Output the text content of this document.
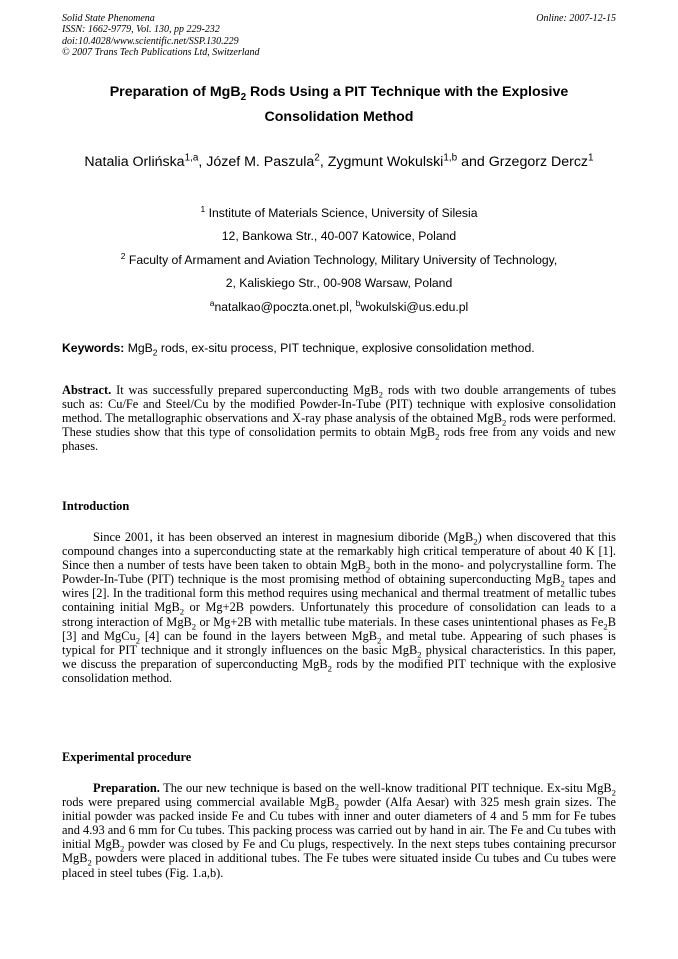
Solid State Phenomena
ISSN: 1662-9779, Vol. 130, pp 229-232
doi:10.4028/www.scientific.net/SSP.130.229
© 2007 Trans Tech Publications Ltd, Switzerland
Online: 2007-12-15
Preparation of MgB$_2$ Rods Using a PIT Technique with the Explosive Consolidation Method
Natalia Orlińska$^{1,a}$, Józef M. Paszula$^2$, Zygmunt Wokulski$^{1,b}$ and Grzegorz Dercz$^1$
$^1$ Institute of Materials Science, University of Silesia
12, Bankowa Str., 40-007 Katowice, Poland
$^2$ Faculty of Armament and Aviation Technology, Military University of Technology,
2, Kaliskiego Str., 00-908 Warsaw, Poland
$^a$natalkao@poczta.onet.pl, $^b$wokulski@us.edu.pl
Keywords: MgB$_2$ rods, ex-situ process, PIT technique, explosive consolidation method.

Abstract. It was successfully prepared superconducting MgB$_2$ rods with two double arrangements of tubes such as: Cu/Fe and Steel/Cu by the modified Powder-In-Tube (PIT) technique with explosive consolidation method. The metallographic observations and X-ray phase analysis of the obtained MgB$_2$ rods were performed. These studies show that this type of consolidation permits to obtain MgB$_2$ rods free from any voids and new phases.

Introduction

Since 2001, it has been observed an interest in magnesium diboride (MgB$_2$) when discovered that this compound changes into a superconducting state at the remarkably high critical temperature of about 40 K [1]. Since then a number of tests have been taken to obtain MgB$_2$ both in the mono- and polycrystalline form. The Powder-In-Tube (PIT) technique is the most promising method of obtaining superconducting MgB$_2$ tapes and wires [2]. In the traditional form this method requires using mechanical and thermal treatment of metallic tubes containing initial MgB$_2$ or Mg+2B powders. Unfortunately this procedure of consolidation can leads to a strong interaction of MgB$_2$ or Mg+2B with metallic tube materials. In these cases unintentional phases as $Fe_2B$ [3] and MgCu$_2$ [4] can be found in the layers between MgB$_2$ and metal tube. Appearing of such phases is typical for PIT technique and it strongly influences on the basic MgB$_2$ physical characteristics. In this paper, we discuss the preparation of superconducting MgB$_2$ rods by the modified PIT technique with the explosive consolidation method.

Experimental procedure

Preparation. The our new technique is based on the well-know traditional PIT technique. Ex-situ MgB$_2$ rods were prepared using commercial available MgB$_2$ powder (Alfa Aesar) with 325 mesh grain sizes. The initial powder was packed inside Fe and Cu tubes with inner and outer diameters of 4 and 5 mm for Fe tubes and 4.93 and 6 mm for Cu tubes. This packing process was carried out by hand in air. The Fe and Cu tubes with initial MgB$_2$ powder was closed by Fe and Cu plugs, respectively. In the next steps tubes containing precursor MgB$_2$ powders were placed in additional tubes. The Fe tubes were situated inside Cu tubes and Cu tubes were placed in steel tubes (Fig. 1.a,b).
